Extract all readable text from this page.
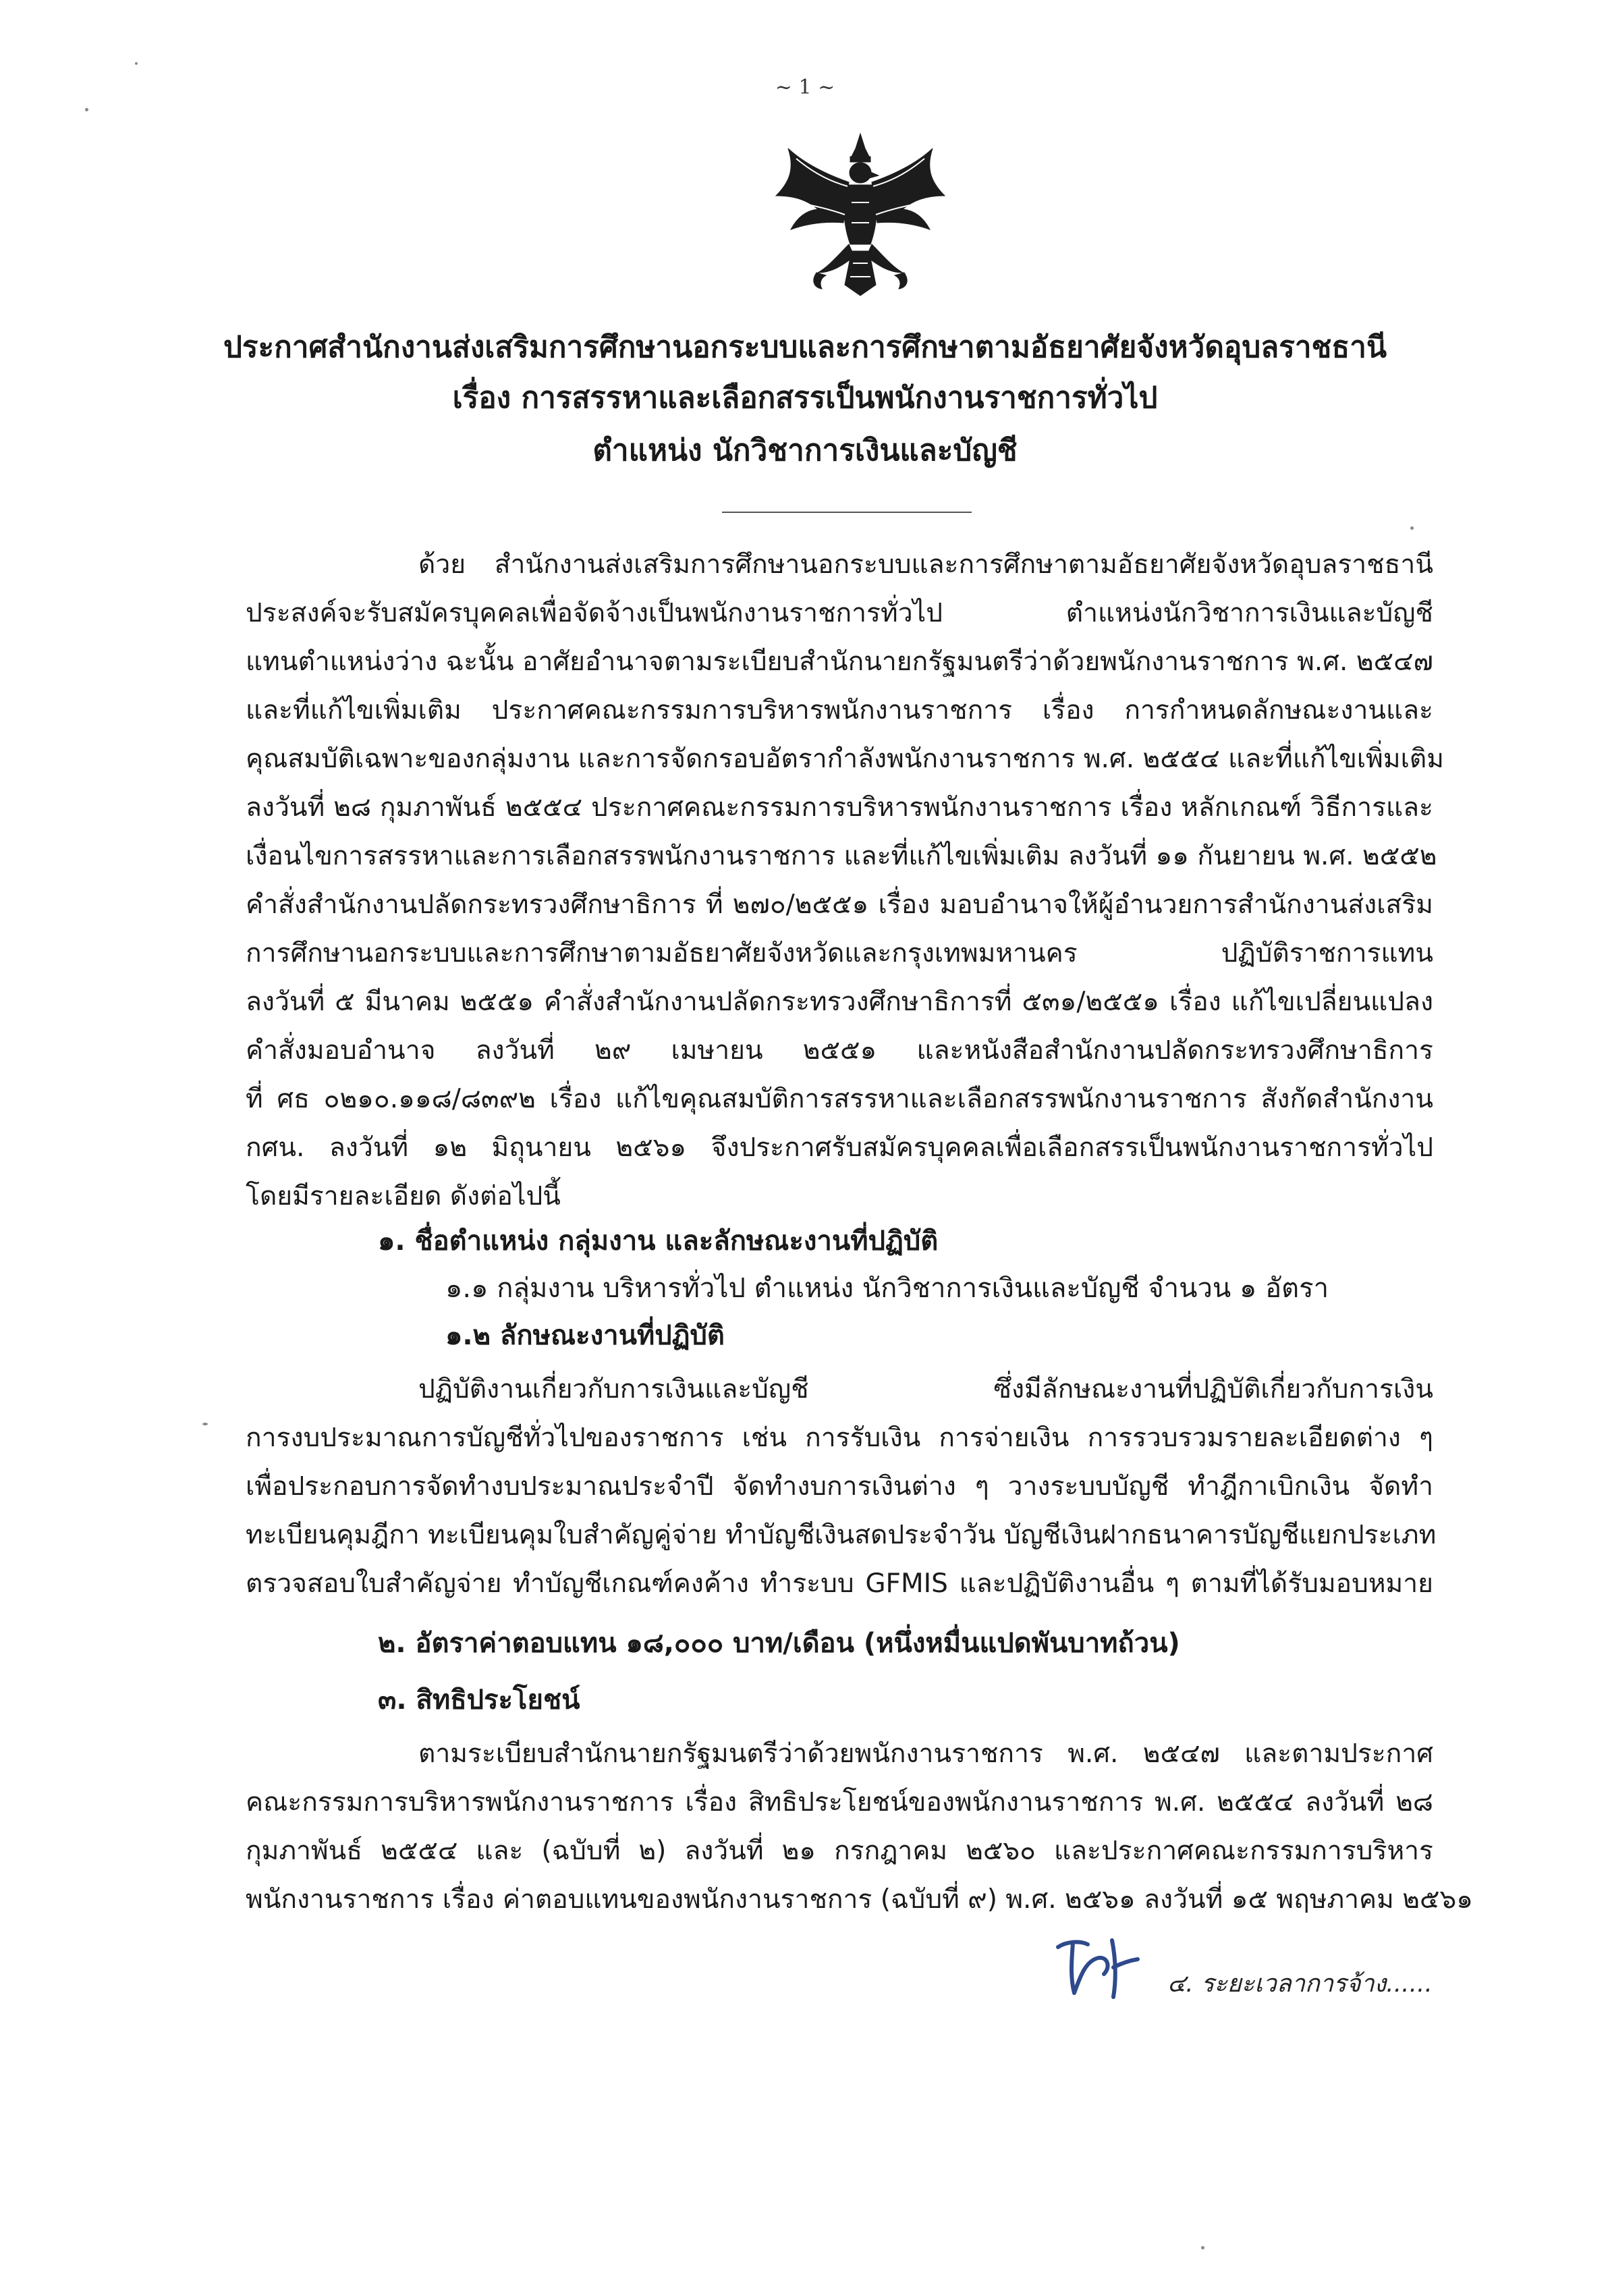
~ 1 ~
ประกาศสำนักงานส่งเสริมการศึกษานอกระบบและการศึกษาตามอัธยาศัยจังหวัดอุบลราชธานี
เรื่อง การสรรหาและเลือกสรรเป็นพนักงานราชการทั่วไป
ตำแหน่ง นักวิชาการเงินและบัญชี
ด้วย สำนักงานส่งเสริมการศึกษานอกระบบและการศึกษาตามอัธยาศัยจังหวัดอุบลราชธานี
ประสงค์จะรับสมัครบุคคลเพื่อจัดจ้างเป็นพนักงานราชการทั่วไป ตำแหน่งนักวิชาการเงินและบัญชี
แทนตำแหน่งว่าง ฉะนั้น อาศัยอำนาจตามระเบียบสำนักนายกรัฐมนตรีว่าด้วยพนักงานราชการ พ.ศ. ๒๕๔๗
และที่แก้ไขเพิ่มเติม ประกาศคณะกรรมการบริหารพนักงานราชการ เรื่อง การกำหนดลักษณะงานและ
คุณสมบัติเฉพาะของกลุ่มงาน และการจัดกรอบอัตรากำลังพนักงานราชการ พ.ศ. ๒๕๕๔ และที่แก้ไขเพิ่มเติม
ลงวันที่ ๒๘ กุมภาพันธ์ ๒๕๕๔ ประกาศคณะกรรมการบริหารพนักงานราชการ เรื่อง หลักเกณฑ์ วิธีการและ
เงื่อนไขการสรรหาและการเลือกสรรพนักงานราชการ และที่แก้ไขเพิ่มเติม ลงวันที่ ๑๑ กันยายน พ.ศ. ๒๕๕๒
คำสั่งสำนักงานปลัดกระทรวงศึกษาธิการ ที่ ๒๗๐/๒๕๕๑ เรื่อง มอบอำนาจให้ผู้อำนวยการสำนักงานส่งเสริม
การศึกษานอกระบบและการศึกษาตามอัธยาศัยจังหวัดและกรุงเทพมหานคร ปฏิบัติราชการแทน
ลงวันที่ ๕ มีนาคม ๒๕๕๑ คำสั่งสำนักงานปลัดกระทรวงศึกษาธิการที่ ๕๓๑/๒๕๕๑ เรื่อง แก้ไขเปลี่ยนแปลง
คำสั่งมอบอำนาจ ลงวันที่ ๒๙ เมษายน ๒๕๕๑ และหนังสือสำนักงานปลัดกระทรวงศึกษาธิการ
ที่ ศธ ๐๒๑๐.๑๑๘/๘๓๙๒ เรื่อง แก้ไขคุณสมบัติการสรรหาและเลือกสรรพนักงานราชการ สังกัดสำนักงาน
กศน. ลงวันที่ ๑๒ มิถุนายน ๒๕๖๑ จึงประกาศรับสมัครบุคคลเพื่อเลือกสรรเป็นพนักงานราชการทั่วไป
โดยมีรายละเอียด ดังต่อไปนี้
๑. ชื่อตำแหน่ง กลุ่มงาน และลักษณะงานที่ปฏิบัติ
๑.๑ กลุ่มงาน บริหารทั่วไป ตำแหน่ง นักวิชาการเงินและบัญชี จำนวน ๑ อัตรา
๑.๒ ลักษณะงานที่ปฏิบัติ
ปฏิบัติงานเกี่ยวกับการเงินและบัญชี ซึ่งมีลักษณะงานที่ปฏิบัติเกี่ยวกับการเงิน
การงบประมาณการบัญชีทั่วไปของราชการ เช่น การรับเงิน การจ่ายเงิน การรวบรวมรายละเอียดต่าง ๆ
เพื่อประกอบการจัดทำงบประมาณประจำปี จัดทำงบการเงินต่าง ๆ วางระบบบัญชี ทำฎีกาเบิกเงิน จัดทำ
ทะเบียนคุมฎีกา ทะเบียนคุมใบสำคัญคู่จ่าย ทำบัญชีเงินสดประจำวัน บัญชีเงินฝากธนาคารบัญชีแยกประเภท
ตรวจสอบใบสำคัญจ่าย ทำบัญชีเกณฑ์คงค้าง ทำระบบ GFMIS และปฏิบัติงานอื่น ๆ ตามที่ได้รับมอบหมาย
๒. อัตราค่าตอบแทน ๑๘,๐๐๐ บาท/เดือน (หนึ่งหมื่นแปดพันบาทถ้วน)
๓. สิทธิประโยชน์
ตามระเบียบสำนักนายกรัฐมนตรีว่าด้วยพนักงานราชการ พ.ศ. ๒๕๔๗ และตามประกาศ
คณะกรรมการบริหารพนักงานราชการ เรื่อง สิทธิประโยชน์ของพนักงานราชการ พ.ศ. ๒๕๕๔ ลงวันที่ ๒๘
กุมภาพันธ์ ๒๕๕๔ และ (ฉบับที่ ๒) ลงวันที่ ๒๑ กรกฎาคม ๒๕๖๐ และประกาศคณะกรรมการบริหาร
พนักงานราชการ เรื่อง ค่าตอบแทนของพนักงานราชการ (ฉบับที่ ๙) พ.ศ. ๒๕๖๑ ลงวันที่ ๑๕ พฤษภาคม ๒๕๖๑
๔. ระยะเวลาการจ้าง......
